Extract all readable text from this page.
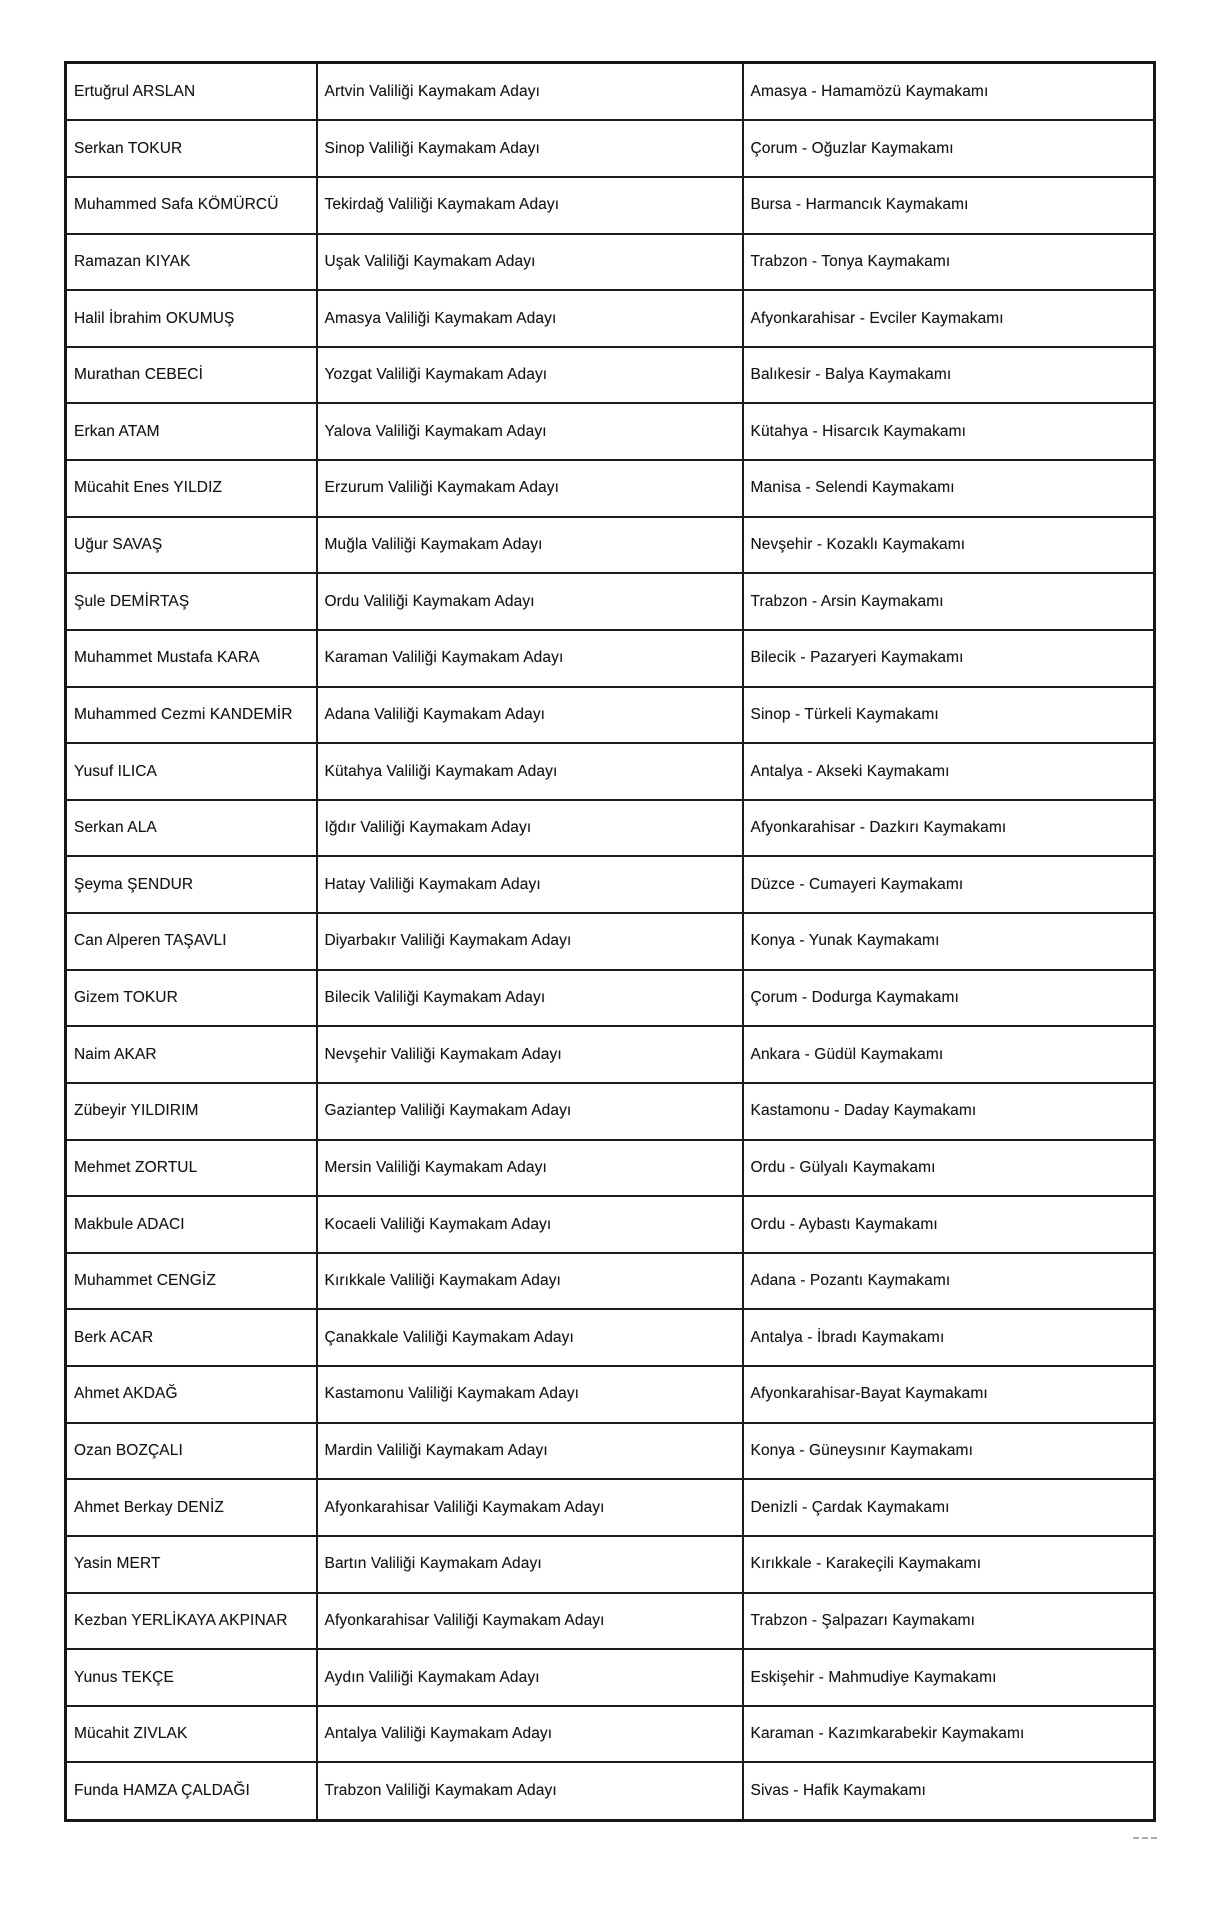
Ertuğrul ARSLAN	Artvin Valiliği Kaymakam Adayı	Amasya - Hamamözü Kaymakamı
Serkan TOKUR	Sinop Valiliği Kaymakam Adayı	Çorum - Oğuzlar Kaymakamı
Muhammed Safa KÖMÜRCÜ	Tekirdağ Valiliği Kaymakam Adayı	Bursa - Harmancık Kaymakamı
Ramazan KIYAK	Uşak Valiliği Kaymakam Adayı	Trabzon - Tonya Kaymakamı
Halil İbrahim OKUMUŞ	Amasya Valiliği Kaymakam Adayı	Afyonkarahisar - Evciler Kaymakamı
Murathan CEBECİ	Yozgat Valiliği Kaymakam Adayı	Balıkesir - Balya Kaymakamı
Erkan ATAM	Yalova Valiliği Kaymakam Adayı	Kütahya - Hisarcık Kaymakamı
Mücahit Enes YILDIZ	Erzurum Valiliği Kaymakam Adayı	Manisa - Selendi Kaymakamı
Uğur SAVAŞ	Muğla Valiliği Kaymakam Adayı	Nevşehir - Kozaklı Kaymakamı
Şule DEMİRTAŞ	Ordu Valiliği Kaymakam Adayı	Trabzon - Arsin Kaymakamı
Muhammet Mustafa KARA	Karaman Valiliği Kaymakam Adayı	Bilecik - Pazaryeri Kaymakamı
Muhammed Cezmi KANDEMİR	Adana Valiliği Kaymakam Adayı	Sinop - Türkeli Kaymakamı
Yusuf ILICA	Kütahya Valiliği Kaymakam Adayı	Antalya - Akseki Kaymakamı
Serkan ALA	Iğdır Valiliği Kaymakam Adayı	Afyonkarahisar - Dazkırı Kaymakamı
Şeyma ŞENDUR	Hatay Valiliği Kaymakam Adayı	Düzce - Cumayeri Kaymakamı
Can Alperen TAŞAVLI	Diyarbakır Valiliği Kaymakam Adayı	Konya - Yunak Kaymakamı
Gizem TOKUR	Bilecik Valiliği Kaymakam Adayı	Çorum - Dodurga Kaymakamı
Naim AKAR	Nevşehir Valiliği Kaymakam Adayı	Ankara - Güdül Kaymakamı
Zübeyir YILDIRIM	Gaziantep Valiliği Kaymakam Adayı	Kastamonu - Daday Kaymakamı
Mehmet ZORTUL	Mersin Valiliği Kaymakam Adayı	Ordu - Gülyalı Kaymakamı
Makbule ADACI	Kocaeli Valiliği Kaymakam Adayı	Ordu - Aybastı Kaymakamı
Muhammet CENGİZ	Kırıkkale Valiliği Kaymakam Adayı	Adana - Pozantı Kaymakamı
Berk ACAR	Çanakkale Valiliği Kaymakam Adayı	Antalya - İbradı Kaymakamı
Ahmet AKDAĞ	Kastamonu Valiliği Kaymakam Adayı	Afyonkarahisar-Bayat Kaymakamı
Ozan BOZÇALI	Mardin Valiliği Kaymakam Adayı	Konya - Güneysınır Kaymakamı
Ahmet Berkay DENİZ	Afyonkarahisar Valiliği Kaymakam Adayı	Denizli - Çardak Kaymakamı
Yasin MERT	Bartın Valiliği Kaymakam Adayı	Kırıkkale - Karakeçili Kaymakamı
Kezban YERLİKAYA AKPINAR	Afyonkarahisar Valiliği Kaymakam Adayı	Trabzon - Şalpazarı Kaymakamı
Yunus TEKÇE	Aydın Valiliği Kaymakam Adayı	Eskişehir - Mahmudiye Kaymakamı
Mücahit ZIVLAK	Antalya Valiliği Kaymakam Adayı	Karaman - Kazımkarabekir Kaymakamı
Funda HAMZA ÇALDAĞI	Trabzon Valiliği Kaymakam Adayı	Sivas - Hafik Kaymakamı
